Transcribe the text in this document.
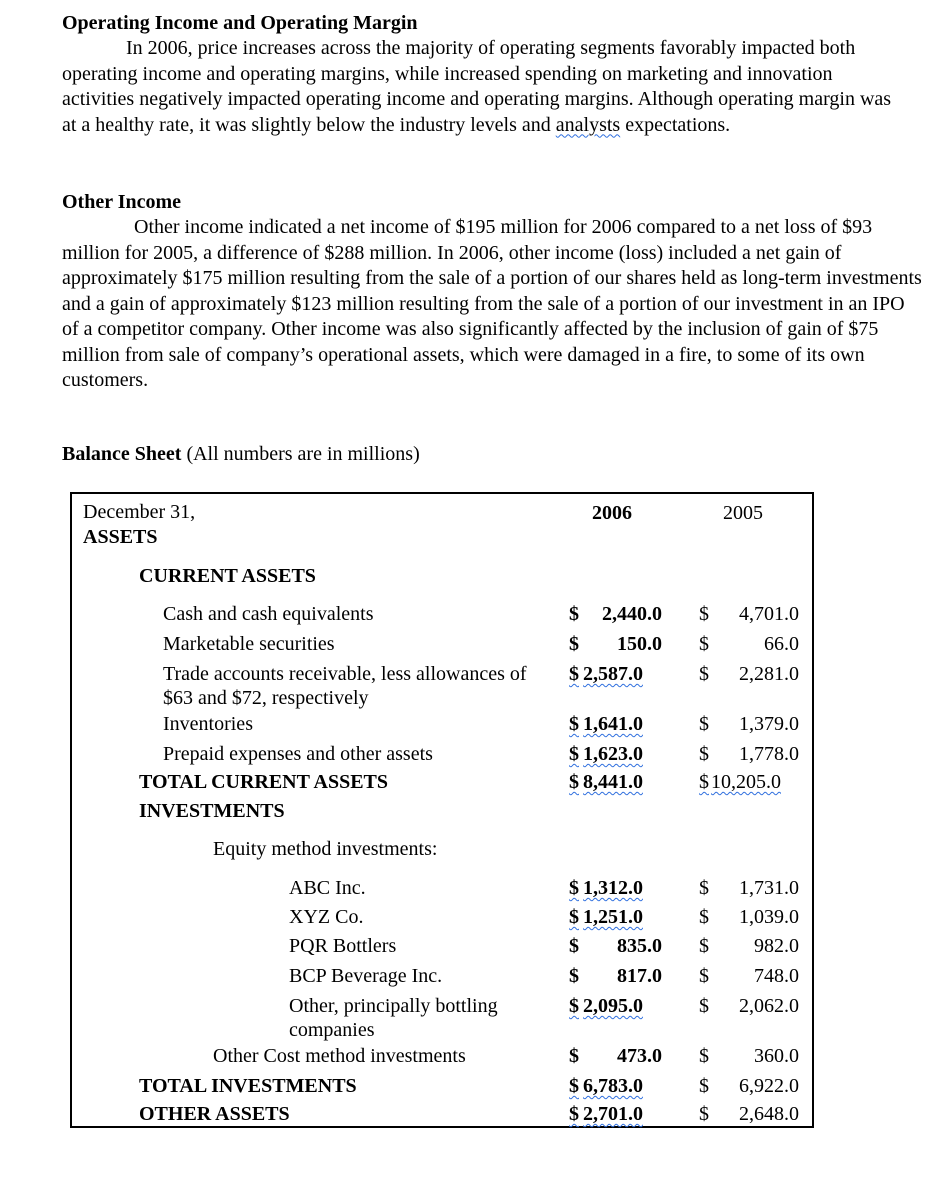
Operating Income and Operating Margin

In 2006, price increases across the majority of operating segments favorably impacted both operating income and operating margins, while increased spending on marketing and innovation activities negatively impacted operating income and operating margins. Although operating margin was at a healthy rate, it was slightly below the industry levels and analysts expectations.

Other Income

Other income indicated a net income of $195 million for 2006 compared to a net loss of $93 million for 2005, a difference of $288 million. In 2006, other income (loss) included a net gain of approximately $175 million resulting from the sale of a portion of our shares held as long-term investments and a gain of approximately $123 million resulting from the sale of a portion of our investment in an IPO of a competitor company. Other income was also significantly affected by the inclusion of gain of $75 million from sale of company’s operational assets, which were damaged in a fire, to some of its own customers.

Balance Sheet (All numbers are in millions)
December 31,
ASSETS
2006	2005
CURRENT ASSETS
Cash and cash equivalents	$ 2,440.0 $ 4,701.0
Marketable securities	$ 150.0 $	66.0
Trade accounts receivable, less allowances of $63 and $72, respectively
$ 2,587.0	$ 2,281.0
Inventories	$ 1,641.0	$ 1,379.0
Prepaid expenses and other assets	$ 1,623.0	$ 1,778.0
TOTAL CURRENT ASSETS	$ 8,441.0	$ 10,205.0
INVESTMENTS
Equity method investments:
ABC Inc.	$ 1,312.0	$ 1,731.0
XYZ Co.	$ 1,251.0	$ 1,039.0
PQR Bottlers	$ 835.0 $ 982.0
BCP Beverage Inc.	$ 817.0 $ 748.0
Other, principally bottling companies
$ 2,095.0	$ 2,062.0
Other Cost method investments	$ 473.0 $ 360.0
TOTAL INVESTMENTS	$ 6,783.0	$ 6,922.0
OTHER ASSETS	$ 2,701.0	$ 2,648.0
